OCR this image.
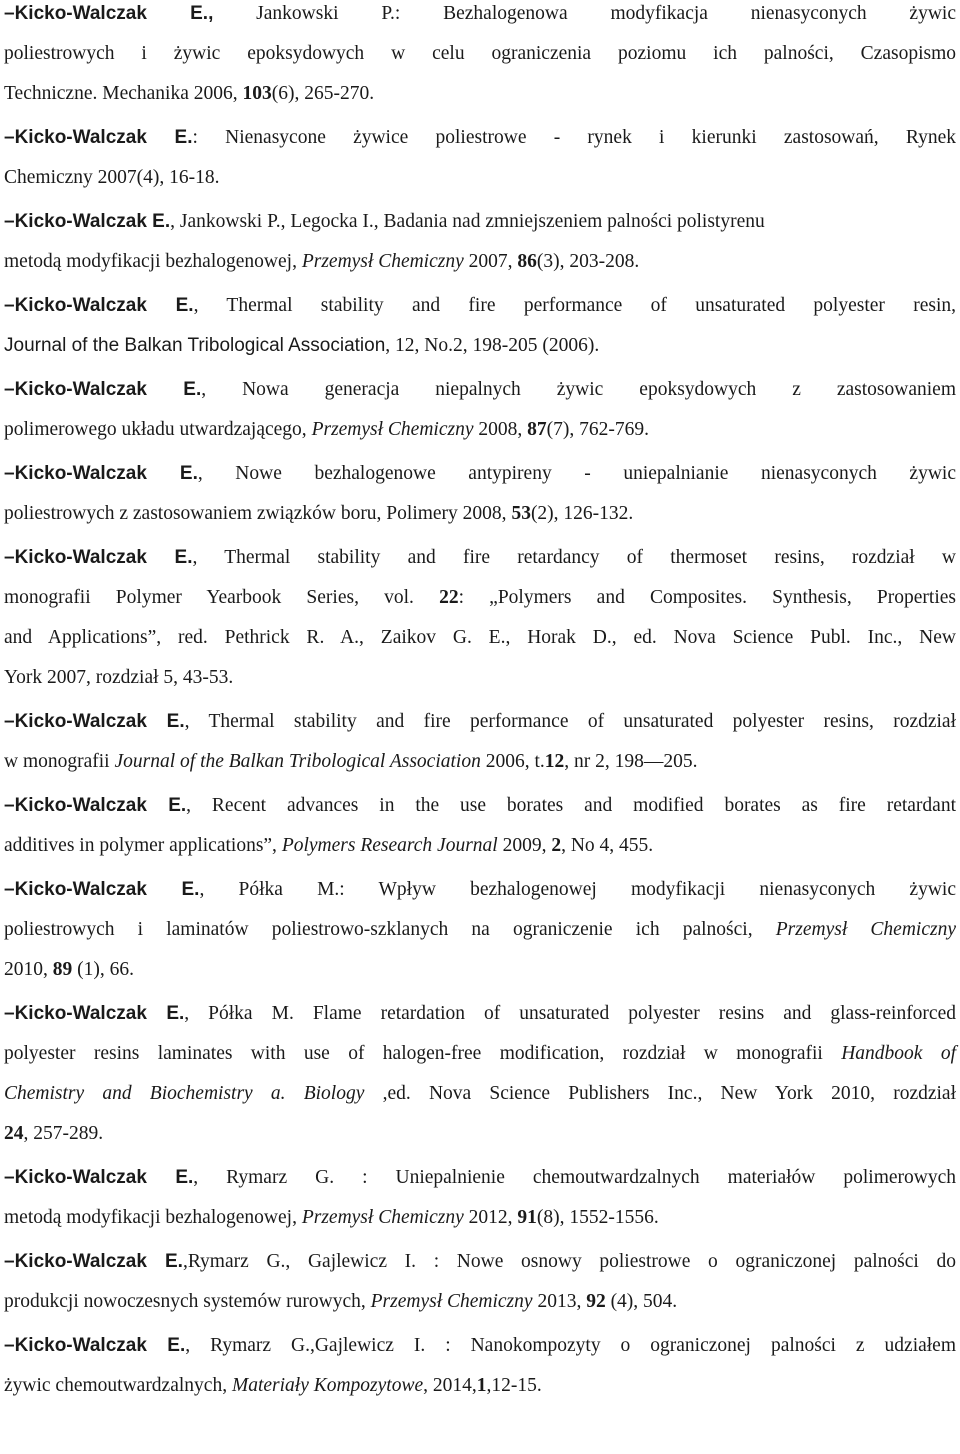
–Kicko-Walczak E., Jankowski P.: Bezhalogenowa modyfikacja nienasyconych żywic
poliestrowych i żywic epoksydowych w celu ograniczenia poziomu ich palności, Czasopismo
Techniczne. Mechanika 2006, 103(6), 265-270.
–Kicko-Walczak E.: Nienasycone żywice poliestrowe - rynek i kierunki zastosowań, Rynek
Chemiczny 2007(4), 16-18.
–Kicko-Walczak E., Jankowski P., Legocka I., Badania nad zmniejszeniem palności polistyrenu
metodą modyfikacji bezhalogenowej, Przemysł Chemiczny 2007, 86(3), 203-208.
–Kicko-Walczak E., Thermal stability and fire performance of unsaturated polyester resin,
Journal of the Balkan Tribological Association, 12, No.2, 198-205 (2006).
–Kicko-Walczak E., Nowa generacja niepalnych żywic epoksydowych z zastosowaniem
polimerowego układu utwardzającego, Przemysł Chemiczny 2008, 87(7), 762-769.
–Kicko-Walczak E., Nowe bezhalogenowe antypireny - uniepalnianie nienasyconych żywic
poliestrowych z zastosowaniem związków boru, Polimery 2008, 53(2), 126-132.
–Kicko-Walczak E., Thermal stability and fire retardancy of thermoset resins, rozdział w
monografii Polymer Yearbook Series, vol. 22: „Polymers and Composites. Synthesis, Properties
and Applications”, red. Pethrick R. A., Zaikov G. E., Horak D., ed. Nova Science Publ. Inc., New
York 2007, rozdział 5, 43-53.
–Kicko-Walczak E., Thermal stability and fire performance of unsaturated polyester resins, rozdział
w monografii Journal of the Balkan Tribological Association 2006, t.12, nr 2, 198—205.
–Kicko-Walczak E., Recent advances in the use borates and modified borates as fire retardant
additives in polymer applications”, Polymers Research Journal 2009, 2, No 4, 455.
–Kicko-Walczak E., Półka M.: Wpływ bezhalogenowej modyfikacji nienasyconych żywic
poliestrowych i laminatów poliestrowo-szklanych na ograniczenie ich palności, Przemysł Chemiczny
2010, 89 (1), 66.
–Kicko-Walczak E., Półka M. Flame retardation of unsaturated polyester resins and glass-reinforced
polyester resins laminates with use of halogen-free modification, rozdział w monografii Handbook of
Chemistry and Biochemistry a. Biology ,ed. Nova Science Publishers Inc., New York 2010, rozdział
24, 257-289.
–Kicko-Walczak E., Rymarz G. : Uniepalnienie chemoutwardzalnych materiałów polimerowych
metodą modyfikacji bezhalogenowej, Przemysł Chemiczny 2012, 91(8), 1552-1556.
–Kicko-Walczak E.,Rymarz G., Gajlewicz I. : Nowe osnowy poliestrowe o ograniczonej palności do
produkcji nowoczesnych systemów rurowych, Przemysł Chemiczny 2013, 92 (4), 504.
–Kicko-Walczak E., Rymarz G.,Gajlewicz I. : Nanokompozyty o ograniczonej palności z udziałem
żywic chemoutwardzalnych, Materiały Kompozytowe, 2014,1,12-15.
